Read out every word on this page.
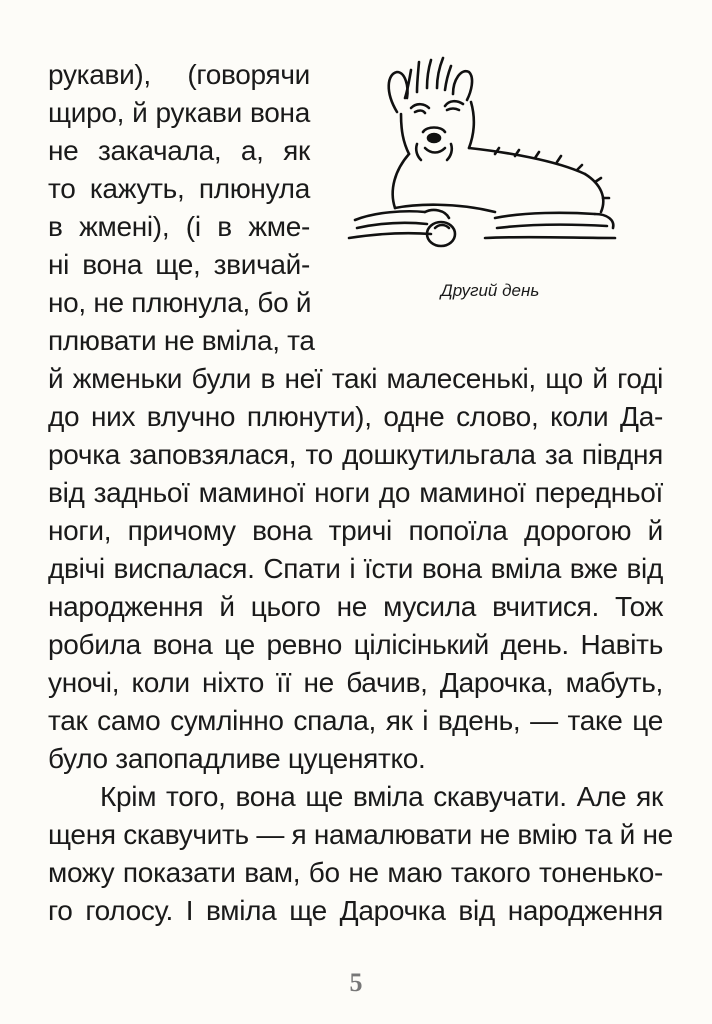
Другий день
рукави), (говорячи
щиро, й рукави вона
не закачала, а, як
то кажуть, плюнула
в жмені), (і в жме-
ні вона ще, звичай-
но, не плюнула, бо й
плювати не вміла, та
й жменьки були в неї такі малесенькі, що й годі
до них влучно плюнути), одне слово, коли Да-
рочка заповзялася, то дошкутильгала за півдня
від задньої маминої ноги до маминої передньої
ноги, причому вона тричі попоїла дорогою й
двічі виспалася. Спати і їсти вона вміла вже від
народження й цього не мусила вчитися. Тож
робила вона це ревно цілісінький день. Навіть
уночі, коли ніхто її не бачив, Дарочка, мабуть,
так само сумлінно спала, як і вдень, — таке це
було запопадливе цуценятко.
Крім того, вона ще вміла скавучати. Але як
щеня скавучить — я намалювати не вмію та й не
можу показати вам, бо не маю такого тоненько-
го голосу. І вміла ще Дарочка від народження
5
